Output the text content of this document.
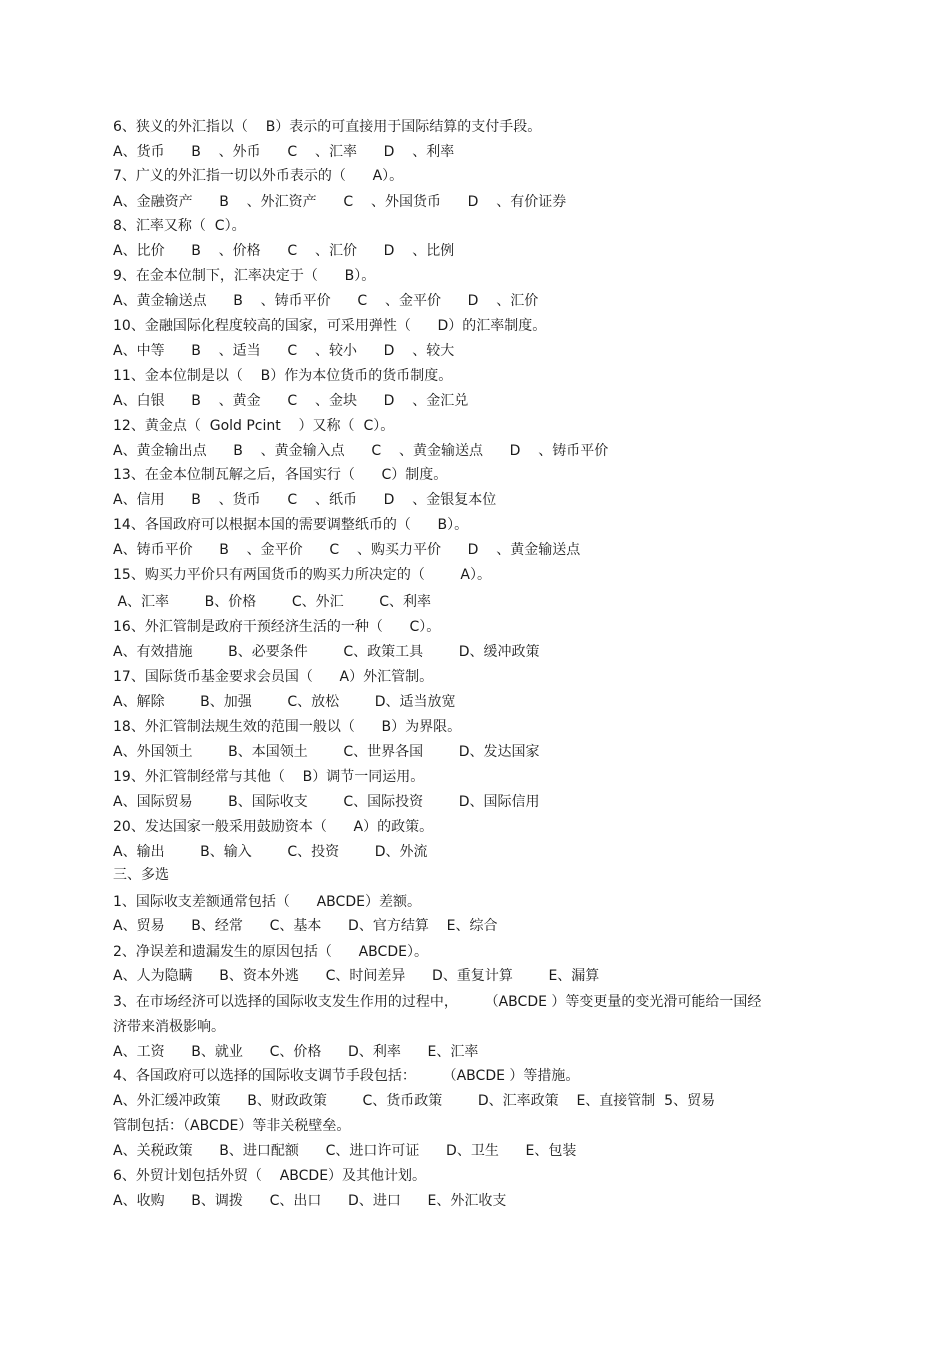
6、狭义的外汇指以（    B）表示的可直接用于国际结算的支付手段。
A、货币      B    、外币      C    、汇率      D    、利率
7、广义的外汇指一切以外币表示的（      A）。
A、金融资产      B    、外汇资产      C    、外国货币      D    、有价证券
8、汇率又称（  C）。
A、比价      B    、价格      C    、汇价      D    、比例
9、在金本位制下，汇率决定于（      B）。
A、黄金输送点      B    、铸币平价      C    、金平价      D    、汇价
10、金融国际化程度较高的国家，可采用弹性（      D）的汇率制度。
A、中等      B    、适当      C    、较小      D    、较大
11、金本位制是以（    B）作为本位货币的货币制度。
A、白银      B    、黄金      C    、金块      D    、金汇兑
12、黄金点（  Gold Pcint    ）又称（  C）。
A、黄金输出点      B    、黄金输入点      C    、黄金输送点      D    、铸币平价
13、在金本位制瓦解之后，各国实行（      C）制度。
A、信用      B    、货币      C    、纸币      D    、金银复本位
14、各国政府可以根据本国的需要调整纸币的（      B）。
A、铸币平价      B    、金平价      C    、购买力平价      D    、黄金输送点
15、购买力平价只有两国货币的购买力所决定的（        A）。
A、汇率        B、价格        C、外汇        C、利率
16、外汇管制是政府干预经济生活的一种（      C）。
A、有效措施        B、必要条件        C、政策工具        D、缓冲政策
17、国际货币基金要求会员国（      A）外汇管制。
A、解除        B、加强        C、放松        D、适当放宽
18、外汇管制法规生效的范围一般以（      B）为界限。
A、外国领土        B、本国领土        C、世界各国        D、发达国家
19、外汇管制经常与其他（    B）调节一同运用。
A、国际贸易        B、国际收支        C、国际投资        D、国际信用
20、发达国家一般采用鼓励资本（      A）的政策。
A、输出        B、输入        C、投资        D、外流
三、多选
1、国际收支差额通常包括（      ABCDE）差额。
A、贸易      B、经常      C、基本      D、官方结算    E、综合
2、净误差和遗漏发生的原因包括（      ABCDE）。
A、人为隐瞒      B、资本外逃      C、时间差异      D、重复计算        E、漏算
3、在市场经济可以选择的国际收支发生作用的过程中，      （ABCDE ）等变更量的变光滑可能给一国经
济带来消极影响。
A、工资      B、就业      C、价格      D、利率      E、汇率
4、各国政府可以选择的国际收支调节手段包括：      （ABCDE ）等措施。
A、外汇缓冲政策      B、财政政策        C、货币政策        D、汇率政策    E、直接管制  5、贸易
管制包括：（ABCDE）等非关税壁垒。
A、关税政策      B、进口配额      C、进口许可证      D、卫生      E、包装
6、外贸计划包括外贸（    ABCDE）及其他计划。
A、收购      B、调拨      C、出口      D、进口      E、外汇收支
